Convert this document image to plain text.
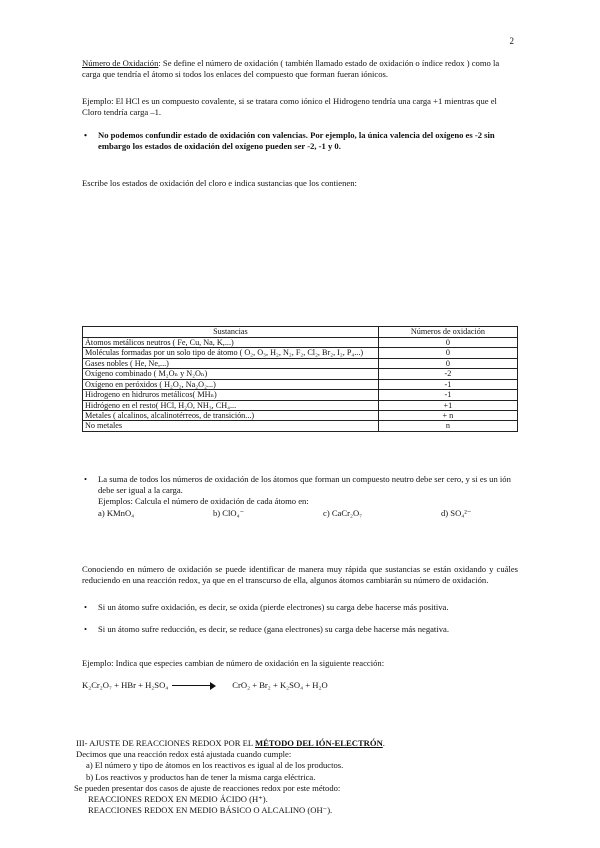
2
Número de Oxidación: Se define el número de oxidación ( también llamado estado de oxidación o índice redox ) como la carga que tendría el átomo si todos los enlaces del compuesto que forman fueran iónicos.
Ejemplo: El HCl es un compuesto covalente, si se tratara como iónico el Hidrogeno tendría una carga +1 mientras que el Cloro tendría carga –1.
• No podemos confundir estado de oxidación con valencias. Por ejemplo, la única valencia del oxígeno es -2 sin embargo los estados de oxidación del oxígeno pueden ser -2, -1 y 0.
Escribe los estados de oxidación del cloro e indica sustancias que los contienen:
Sustancias	Números de oxidación
Átomos metálicos neutros ( Fe, Cu, Na, K,...)	0
Moléculas formadas por un solo tipo de átomo ( O₂, O₃, H₂, N₂, F₂, Cl₂, Br₂, I₂, P₄...)	0
Gases nobles ( He, Ne,...)	0
Oxígeno combinado ( M₂Oₙ y N₂Oₙ)	-2
Oxígeno en peróxidos ( H₂O₂, Na₂O₂...)	-1
Hidrogeno en hidruros metálicos( MHₙ)	-1
Hidrógeno en el resto( HCl, H₂O, NH₃, CH₄...	+1
Metales ( alcalinos, alcalinotérreos, de transición...)	+ n
No metales	n
• La suma de todos los números de oxidación de los átomos que forman un compuesto neutro debe ser cero, y si es un ión debe ser igual a la carga.
Ejemplos: Calcula el número de oxidación de cada átomo en:
a) KMnO₄	b) ClO₄⁻	c) CaCr₂O₇	d) SO₄²⁻
Conociendo en número de oxidación se puede identificar de manera muy rápida que sustancias se están oxidando y cuáles reduciendo en una reacción redox, ya que en el transcurso de ella, algunos átomos cambiarán su número de oxidación.
• Si un átomo sufre oxidación, es decir, se oxida (pierde electrones) su carga debe hacerse más positiva.
• Si un átomo sufre reducción, es decir, se reduce (gana electrones) su carga debe hacerse más negativa.
Ejemplo: Indica que especies cambian de número de oxidación en la siguiente reacción:
K₂Cr₂O₇ + HBr + H₂SO₄	CrO₂ + Br₂ + K₂SO₄ + H₂O
III- AJUSTE DE REACCIONES REDOX POR EL MÉTODO DEL IÓN-ELECTRÓN.
Decimos que una reacción redox está ajustada cuando cumple:
a) El número y tipo de átomos en los reactivos es igual al de los productos.
b) Los reactivos y productos han de tener la misma carga eléctrica.
Se pueden presentar dos casos de ajuste de reacciones redox por este método:
REACCIONES REDOX EN MEDIO ÁCIDO (H⁺).
REACCIONES REDOX EN MEDIO BÁSICO O ALCALINO (OH⁻).
